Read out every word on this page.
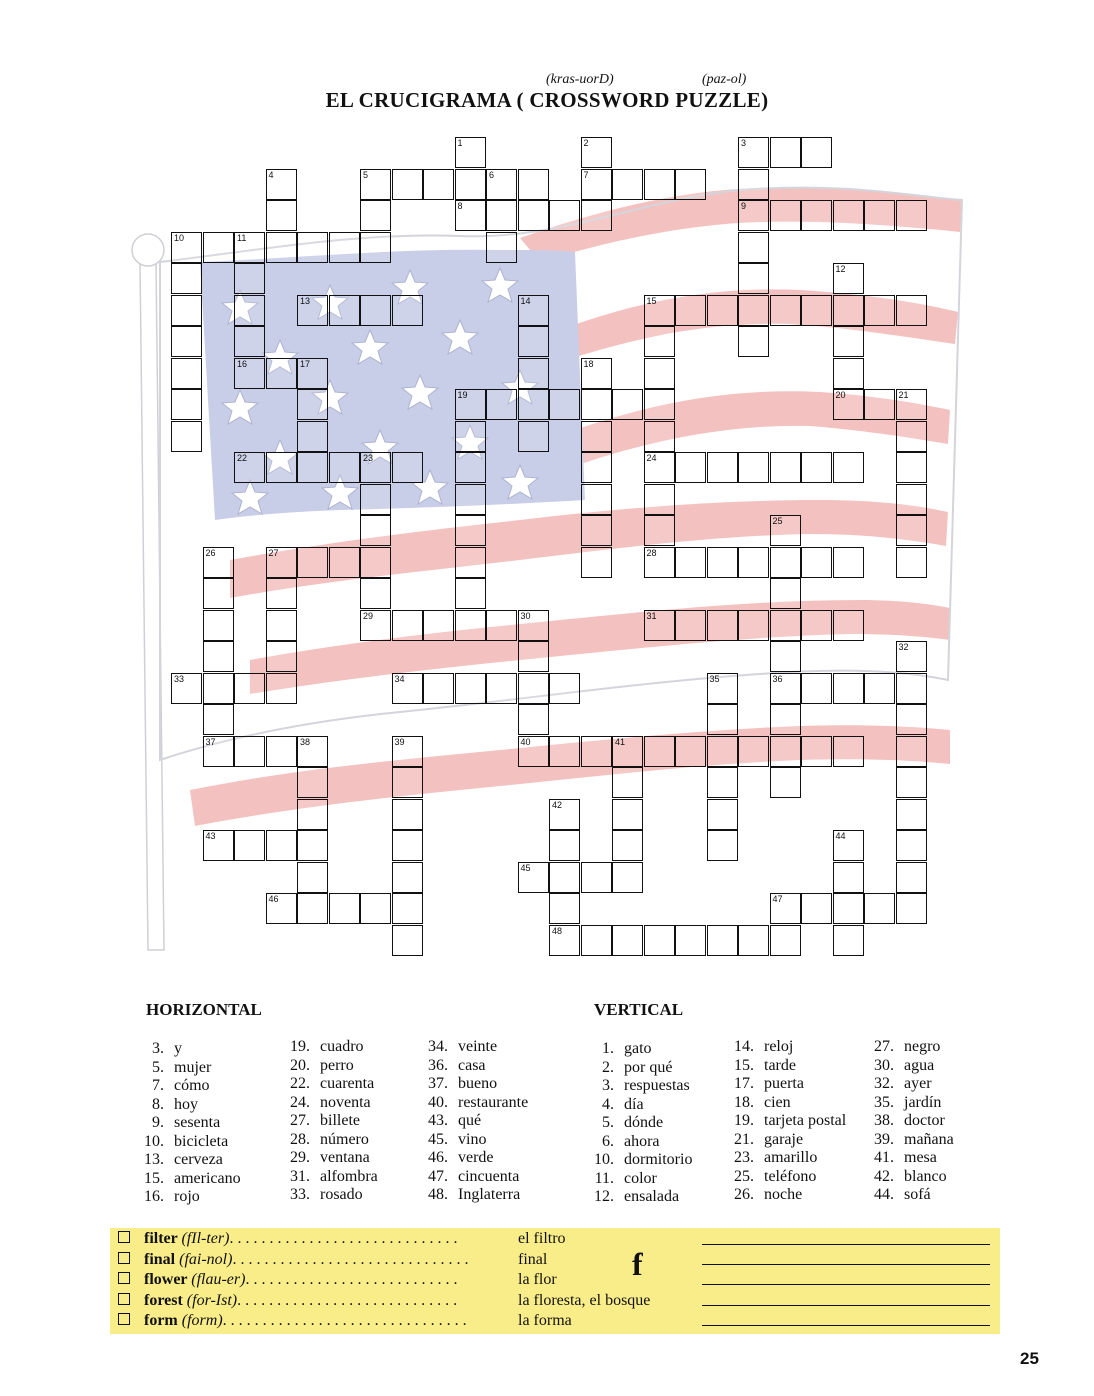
(kras-uorD)	(paz-ol)
EL CRUCIGRAMA ( CROSSWORD PUZZLE)
1	2	3
4	5	6	7
8	9
10	11
12
13	14	15
16	17	18
19	20	21
22	23	24
25
26	27	28
29	30	31
32
33	34	35	36
37	38	39	40	41
42
43	44
45
46	47
48
HORIZONTAL	VERTICAL
3. y
5. mujer
7. cómo
8. hoy
9. sesenta
10. bicicleta
13. cerveza
15. americano
16. rojo
19. cuadro
20. perro
22. cuarenta
24. noventa
27. billete
28. número
29. ventana
31. alfombra
33. rosado
34. veinte
36. casa
37. bueno
40. restaurante
43. qué
45. vino
46. verde
47. cincuenta
48. Inglaterra
1. gato
2. por qué
3. respuestas
4. día
5. dónde
6. ahora
10. dormitorio
11. color
12. ensalada
14. reloj
15. tarde
17. puerta
18. cien
19. tarjeta postal
21. garaje
23. amarillo
25. teléfono
26. noche
27. negro
30. agua
32. ayer
35. jardín
38. doctor
39. mañana
41. mesa
42. blanco
44. sofá
filter (fIl-ter). . . . . . . . . . . . . . . . . . . . . . . . . . . . .	el filtro
final (fai-nol). . . . . . . . . . . . . . . . . . . . . . . . . . . . . .	final
flower (flau-er). . . . . . . . . . . . . . . . . . . . . . . . . . .	la flor
forest (for-Ist). . . . . . . . . . . . . . . . . . . . . . . . . . . .	la floresta, el bosque
form (form). . . . . . . . . . . . . . . . . . . . . . . . . . . . . . .	la forma
f
25
